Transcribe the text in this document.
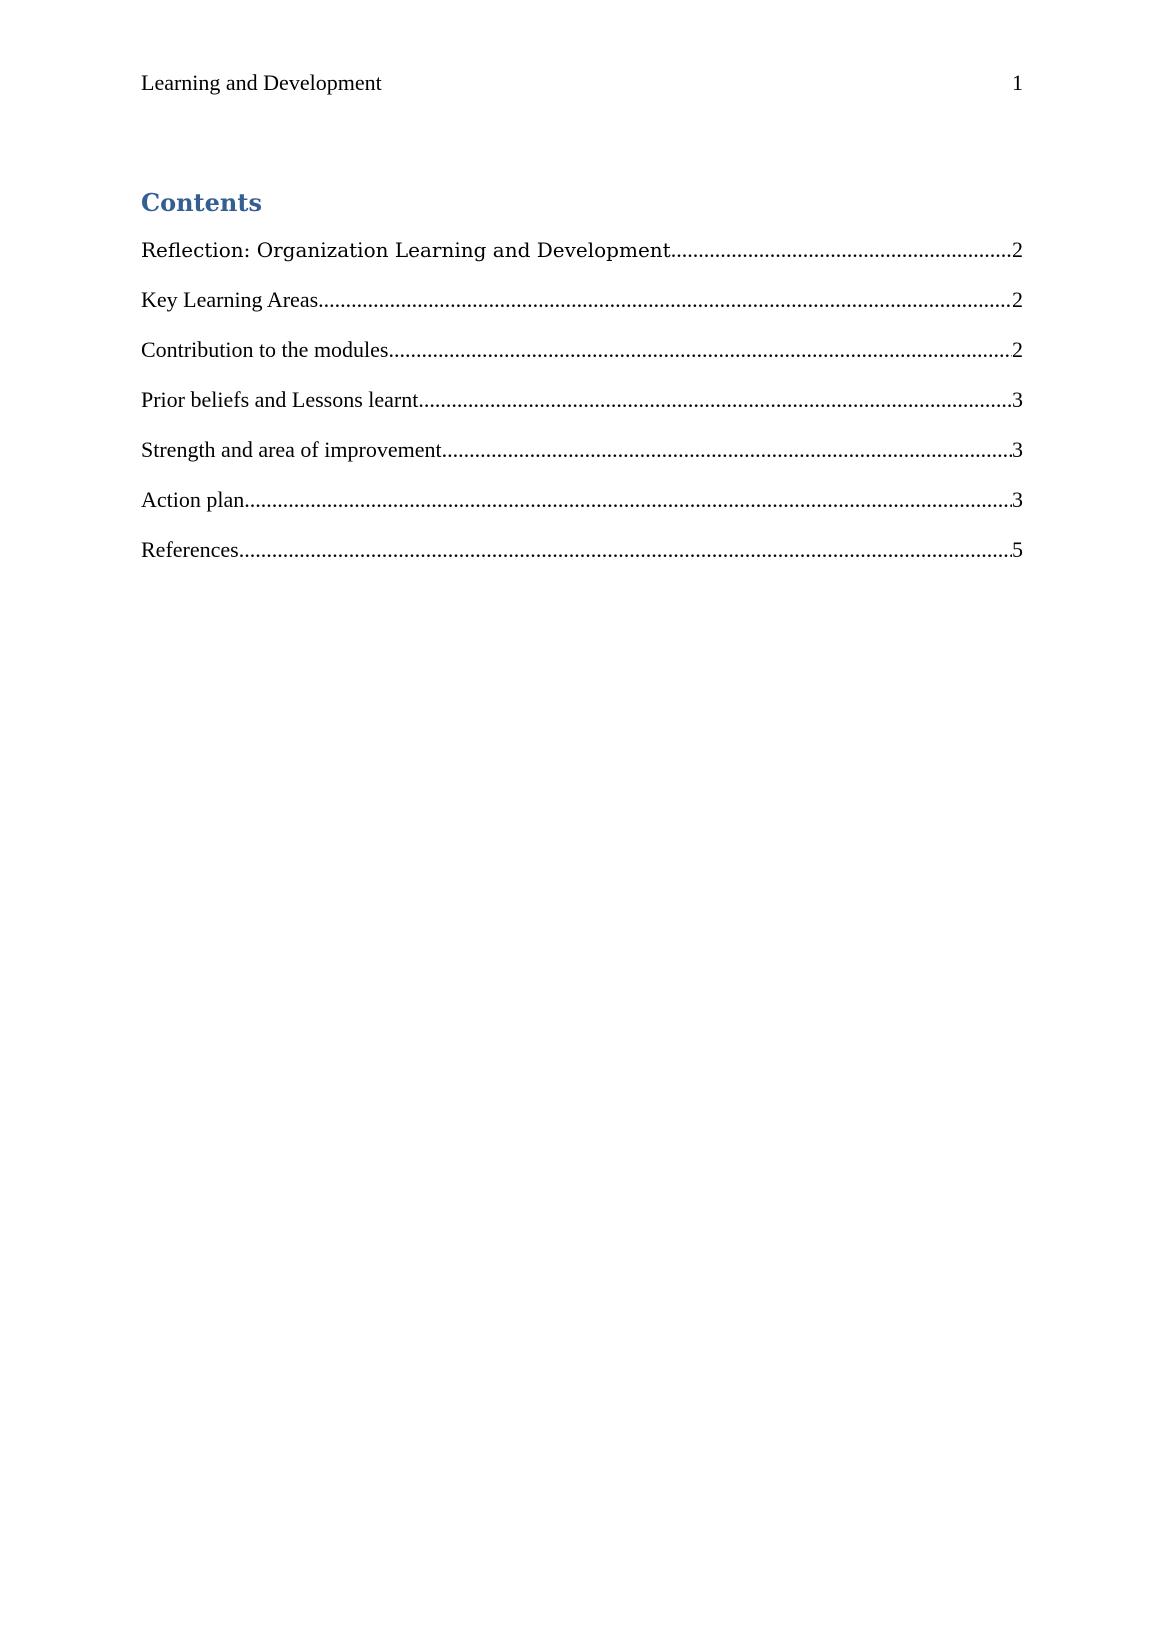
Learning and Development	1
Contents
Reflection: Organization Learning and Development .....	2
Key Learning Areas .....	2
Contribution to the modules .....	2
Prior beliefs and Lessons learnt .....	3
Strength and area of improvement .....	3
Action plan .....	3
References .....	5
